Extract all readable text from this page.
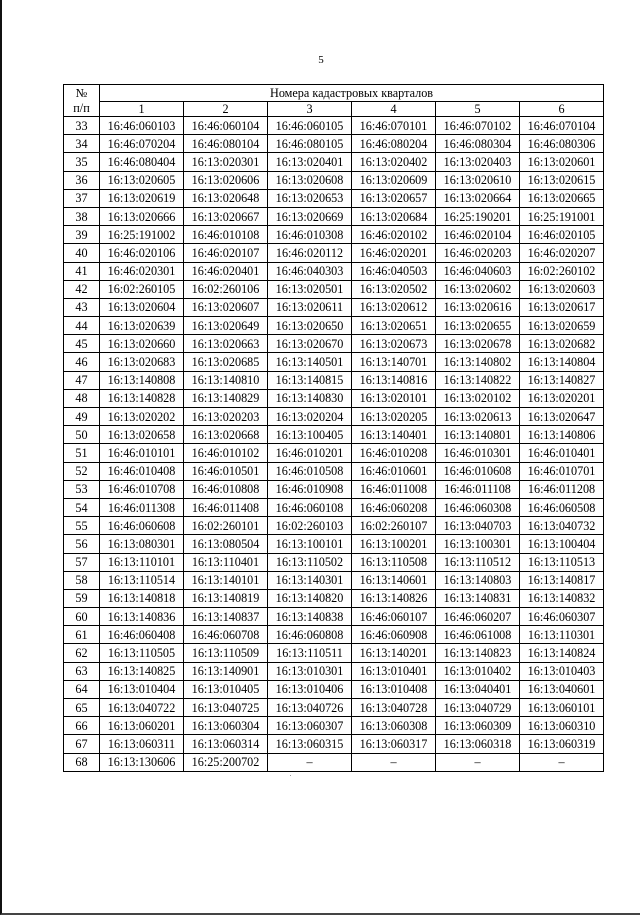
5
№
п/п	Номера кадастровых кварталов					
	1	2	3	4	5	6
33	16:46:060103	16:46:060104	16:46:060105	16:46:070101	16:46:070102	16:46:070104
34	16:46:070204	16:46:080104	16:46:080105	16:46:080204	16:46:080304	16:46:080306
35	16:46:080404	16:13:020301	16:13:020401	16:13:020402	16:13:020403	16:13:020601
36	16:13:020605	16:13:020606	16:13:020608	16:13:020609	16:13:020610	16:13:020615
37	16:13:020619	16:13:020648	16:13:020653	16:13:020657	16:13:020664	16:13:020665
38	16:13:020666	16:13:020667	16:13:020669	16:13:020684	16:25:190201	16:25:191001
39	16:25:191002	16:46:010108	16:46:010308	16:46:020102	16:46:020104	16:46:020105
40	16:46:020106	16:46:020107	16:46:020112	16:46:020201	16:46:020203	16:46:020207
41	16:46:020301	16:46:020401	16:46:040303	16:46:040503	16:46:040603	16:02:260102
42	16:02:260105	16:02:260106	16:13:020501	16:13:020502	16:13:020602	16:13:020603
43	16:13:020604	16:13:020607	16:13:020611	16:13:020612	16:13:020616	16:13:020617
44	16:13:020639	16:13:020649	16:13:020650	16:13:020651	16:13:020655	16:13:020659
45	16:13:020660	16:13:020663	16:13:020670	16:13:020673	16:13:020678	16:13:020682
46	16:13:020683	16:13:020685	16:13:140501	16:13:140701	16:13:140802	16:13:140804
47	16:13:140808	16:13:140810	16:13:140815	16:13:140816	16:13:140822	16:13:140827
48	16:13:140828	16:13:140829	16:13:140830	16:13:020101	16:13:020102	16:13:020201
49	16:13:020202	16:13:020203	16:13:020204	16:13:020205	16:13:020613	16:13:020647
50	16:13:020658	16:13:020668	16:13:100405	16:13:140401	16:13:140801	16:13:140806
51	16:46:010101	16:46:010102	16:46:010201	16:46:010208	16:46:010301	16:46:010401
52	16:46:010408	16:46:010501	16:46:010508	16:46:010601	16:46:010608	16:46:010701
53	16:46:010708	16:46:010808	16:46:010908	16:46:011008	16:46:011108	16:46:011208
54	16:46:011308	16:46:011408	16:46:060108	16:46:060208	16:46:060308	16:46:060508
55	16:46:060608	16:02:260101	16:02:260103	16:02:260107	16:13:040703	16:13:040732
56	16:13:080301	16:13:080504	16:13:100101	16:13:100201	16:13:100301	16:13:100404
57	16:13:110101	16:13:110401	16:13:110502	16:13:110508	16:13:110512	16:13:110513
58	16:13:110514	16:13:140101	16:13:140301	16:13:140601	16:13:140803	16:13:140817
59	16:13:140818	16:13:140819	16:13:140820	16:13:140826	16:13:140831	16:13:140832
60	16:13:140836	16:13:140837	16:13:140838	16:46:060107	16:46:060207	16:46:060307
61	16:46:060408	16:46:060708	16:46:060808	16:46:060908	16:46:061008	16:13:110301
62	16:13:110505	16:13:110509	16:13:110511	16:13:140201	16:13:140823	16:13:140824
63	16:13:140825	16:13:140901	16:13:010301	16:13:010401	16:13:010402	16:13:010403
64	16:13:010404	16:13:010405	16:13:010406	16:13:010408	16:13:040401	16:13:040601
65	16:13:040722	16:13:040725	16:13:040726	16:13:040728	16:13:040729	16:13:060101
66	16:13:060201	16:13:060304	16:13:060307	16:13:060308	16:13:060309	16:13:060310
67	16:13:060311	16:13:060314	16:13:060315	16:13:060317	16:13:060318	16:13:060319
68	16:13:130606	16:25:200702	–	–	–	–
